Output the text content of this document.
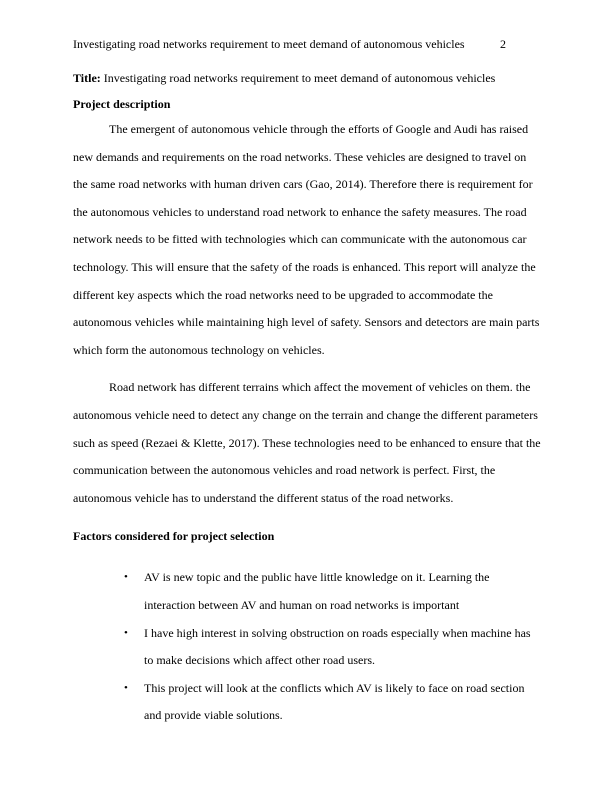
Investigating road networks requirement to meet demand of autonomous vehicles	2

Title: Investigating road networks requirement to meet demand of autonomous vehicles

Project description

The emergent of autonomous vehicle through the efforts of Google and Audi has raised new demands and requirements on the road networks. These vehicles are designed to travel on the same road networks with human driven cars (Gao, 2014). Therefore there is requirement for the autonomous vehicles to understand road network to enhance the safety measures. The road network needs to be fitted with technologies which can communicate with the autonomous car technology. This will ensure that the safety of the roads is enhanced. This report will analyze the different key aspects which the road networks need to be upgraded to accommodate the autonomous vehicles while maintaining high level of safety. Sensors and detectors are main parts which form the autonomous technology on vehicles.

Road network has different terrains which affect the movement of vehicles on them. the autonomous vehicle need to detect any change on the terrain and change the different parameters such as speed (Rezaei & Klette, 2017). These technologies need to be enhanced to ensure that the communication between the autonomous vehicles and road network is perfect. First, the autonomous vehicle has to understand the different status of the road networks.

Factors considered for project selection

• AV is new topic and the public have little knowledge on it. Learning the interaction between AV and human on road networks is important
• I have high interest in solving obstruction on roads especially when machine has to make decisions which affect other road users.
• This project will look at the conflicts which AV is likely to face on road section and provide viable solutions.
